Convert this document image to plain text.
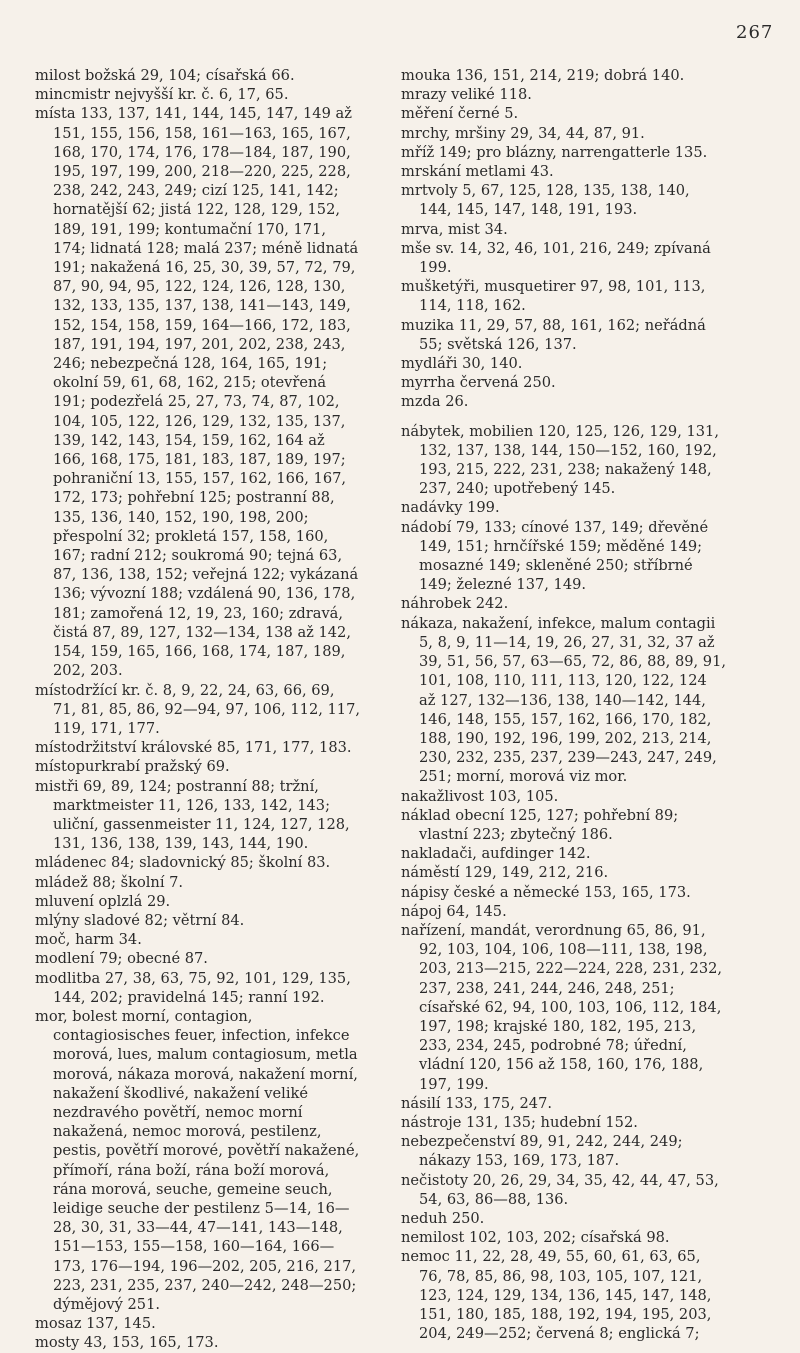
267

milost božská 29, 104; císařská 66.

mincmistr nejvyšší kr. č. 6, 17, 65.

místa 133, 137, 141, 144, 145, 147, 149 až 151, 155, 156, 158, 161—163, 165, 167, 168, 170, 174, 176, 178—184, 187, 190, 195, 197, 199, 200, 218—220, 225, 228, 238, 242, 243, 249; cizí 125, 141, 142; hornatější 62; jistá 122, 128, 129, 152, 189, 191, 199; kontumační 170, 171, 174; lidnatá 128; malá 237; méně lidnatá 191; nakažená 16, 25, 30, 39, 57, 72, 79, 87, 90, 94, 95, 122, 124, 126, 128, 130, 132, 133, 135, 137, 138, 141—143, 149, 152, 154, 158, 159, 164—166, 172, 183, 187, 191, 194, 197, 201, 202, 238, 243, 246; nebezpečná 128, 164, 165, 191; okolní 59, 61, 68, 162, 215; otevřená 191; podezřelá 25, 27, 73, 74, 87, 102, 104, 105, 122, 126, 129, 132, 135, 137, 139, 142, 143, 154, 159, 162, 164 až 166, 168, 175, 181, 183, 187, 189, 197; pohraniční 13, 155, 157, 162, 166, 167, 172, 173; pohřební 125; postranní 88, 135, 136, 140, 152, 190, 198, 200; přespolní 32; prokletá 157, 158, 160, 167; radní 212; soukromá 90; tejná 63, 87, 136, 138, 152; veřejná 122; vykázaná 136; vývozní 188; vzdálená 90, 136, 178, 181; zamořená 12, 19, 23, 160; zdravá, čistá 87, 89, 127, 132—134, 138 až 142, 154, 159, 165, 166, 168, 174, 187, 189, 202, 203.

místodržící kr. č. 8, 9, 22, 24, 63, 66, 69, 71, 81, 85, 86, 92—94, 97, 106, 112, 117, 119, 171, 177.

místodržitství královské 85, 171, 177, 183.

místopurkrabí pražský 69.

mistři 69, 89, 124; postranní 88; tržní, marktmeister 11, 126, 133, 142, 143; uliční, gassenmeister 11, 124, 127, 128, 131, 136, 138, 139, 143, 144, 190.

mládenec 84; sladovnický 85; školní 83.

mládež 88; školní 7.

mluvení oplzlá 29.

mlýny sladové 82; větrní 84.

moč, harm 34.

modlení 79; obecné 87.

modlitba 27, 38, 63, 75, 92, 101, 129, 135, 144, 202; pravidelná 145; ranní 192.

mor, bolest morní, contagion, contagiosisches feuer, infection, infekce morová, lues, malum contagiosum, metla morová, nákaza morová, nakažení morní, nakažení škodlivé, nakažení veliké nezdravého povětří, nemoc morní nakažená, nemoc morová, pestilenz, pestis, povětří morové, povětří nakažené, přímoří, rána boží, rána boží morová, rána morová, seuche, gemeine seuch, leidige seuche der pestilenz 5—14, 16—28, 30, 31, 33—44, 47—141, 143—148, 151—153, 155—158, 160—164, 166—173, 176—194, 196—202, 205, 216, 217, 223, 231, 235, 237, 240—242, 248—250; dýmějový 251.

mosaz 137, 145.

mosty 43, 153, 165, 173.

mouka 136, 151, 214, 219; dobrá 140.

mrazy veliké 118.

měření černé 5.

mrchy, mršiny 29, 34, 44, 87, 91.

mříž 149; pro blázny, narrengatterle 135.

mrskání metlami 43.

mrtvoly 5, 67, 125, 128, 135, 138, 140, 144, 145, 147, 148, 191, 193.

mrva, mist 34.

mše sv. 14, 32, 46, 101, 216, 249; zpívaná 199.

mušketýři, musquetirer 97, 98, 101, 113, 114, 118, 162.

muzika 11, 29, 57, 88, 161, 162; neřádná 55; světská 126, 137.

mydláři 30, 140.

myrrha červená 250.

mzda 26.

nábytek, mobilien 120, 125, 126, 129, 131, 132, 137, 138, 144, 150—152, 160, 192, 193, 215, 222, 231, 238; nakažený 148, 237, 240; upotřebený 145.

nadávky 199.

nádobí 79, 133; cínové 137, 149; dřevěné 149, 151; hrnčířské 159; měděné 149; mosazné 149; skleněné 250; stříbrné 149; železné 137, 149.

náhrobek 242.

nákaza, nakažení, infekce, malum contagii 5, 8, 9, 11—14, 19, 26, 27, 31, 32, 37 až 39, 51, 56, 57, 63—65, 72, 86, 88, 89, 91, 101, 108, 110, 111, 113, 120, 122, 124 až 127, 132—136, 138, 140—142, 144, 146, 148, 155, 157, 162, 166, 170, 182, 188, 190, 192, 196, 199, 202, 213, 214, 230, 232, 235, 237, 239—243, 247, 249, 251; morní, morová viz mor.

nakažlivost 103, 105.

náklad obecní 125, 127; pohřební 89; vlastní 223; zbytečný 186.

nakladači, aufdinger 142.

náměstí 129, 149, 212, 216.

nápisy české a německé 153, 165, 173.

nápoj 64, 145.

nařízení, mandát, verordnung 65, 86, 91, 92, 103, 104, 106, 108—111, 138, 198, 203, 213—215, 222—224, 228, 231, 232, 237, 238, 241, 244, 246, 248, 251; císařské 62, 94, 100, 103, 106, 112, 184, 197, 198; krajské 180, 182, 195, 213, 233, 234, 245, podrobné 78; úřední, vládní 120, 156 až 158, 160, 176, 188, 197, 199.

násilí 133, 175, 247.

nástroje 131, 135; hudební 152.

nebezpečenství 89, 91, 242, 244, 249; nákazy 153, 169, 173, 187.

nečistoty 20, 26, 29, 34, 35, 42, 44, 47, 53, 54, 63, 86—88, 136.

neduh 250.

nemilost 102, 103, 202; císařská 98.

nemoc 11, 22, 28, 49, 55, 60, 61, 63, 65, 76, 78, 85, 86, 98, 103, 105, 107, 121, 123, 124, 129, 134, 136, 145, 147, 148, 151, 180, 185, 188, 192, 194, 195, 203, 204, 249—252; červená 8; englická 7;
